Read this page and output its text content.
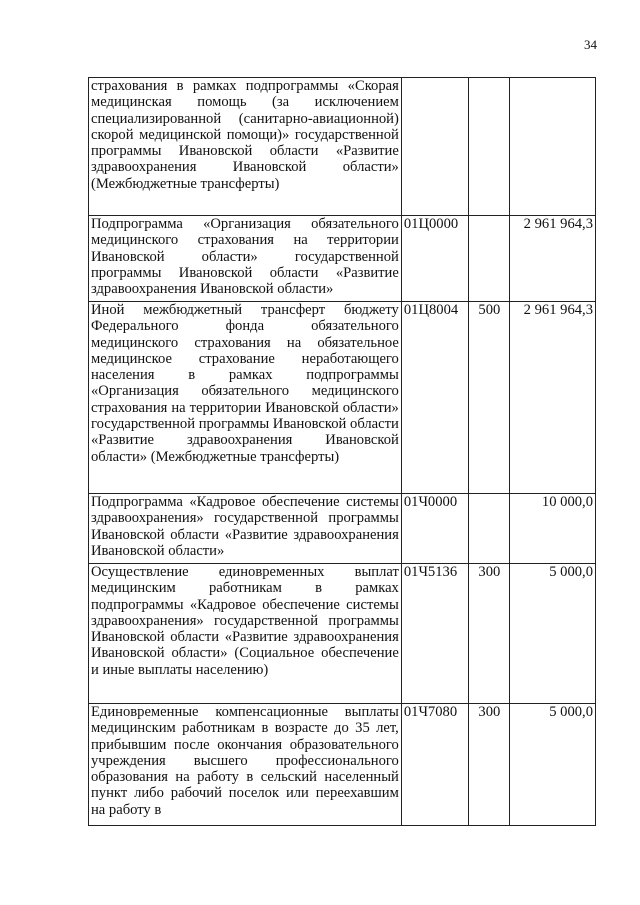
34
страхования в рамках подпрограммы «Скорая медицинская помощь (за исключением специализированной (санитарно-авиационной) скорой медицинской помощи)» государственной программы Ивановской области «Развитие здравоохранения Ивановской области» (Межбюджетные трансферты)			
Подпрограмма «Организация обязательного медицинского страхования на территории Ивановской области» государственной программы Ивановской области «Развитие здравоохранения Ивановской области»	01Ц0000		2 961 964,3
Иной межбюджетный трансферт бюджету Федерального фонда обязательного медицинского страхования на обязательное медицинское страхование неработающего населения в рамках подпрограммы «Организация обязательного медицинского страхования на территории Ивановской области» государственной программы Ивановской области «Развитие здравоохранения Ивановской области» (Межбюджетные трансферты)	01Ц8004	500	2 961 964,3
Подпрограмма «Кадровое обеспечение системы здравоохранения» государственной программы Ивановской области «Развитие здравоохранения Ивановской области»	01Ч0000		10 000,0
Осуществление единовременных выплат медицинским работникам в рамках подпрограммы «Кадровое обеспечение системы здравоохранения» государственной программы Ивановской области «Развитие здравоохранения Ивановской области» (Социальное обеспечение и иные выплаты населению)	01Ч5136	300	5 000,0
Единовременные компенсационные выплаты медицинским работникам в возрасте до 35 лет, прибывшим после окончания образовательного учреждения высшего профессионального образования на работу в сельский населенный пункт либо рабочий поселок или переехавшим на работу в	01Ч7080	300	5 000,0
